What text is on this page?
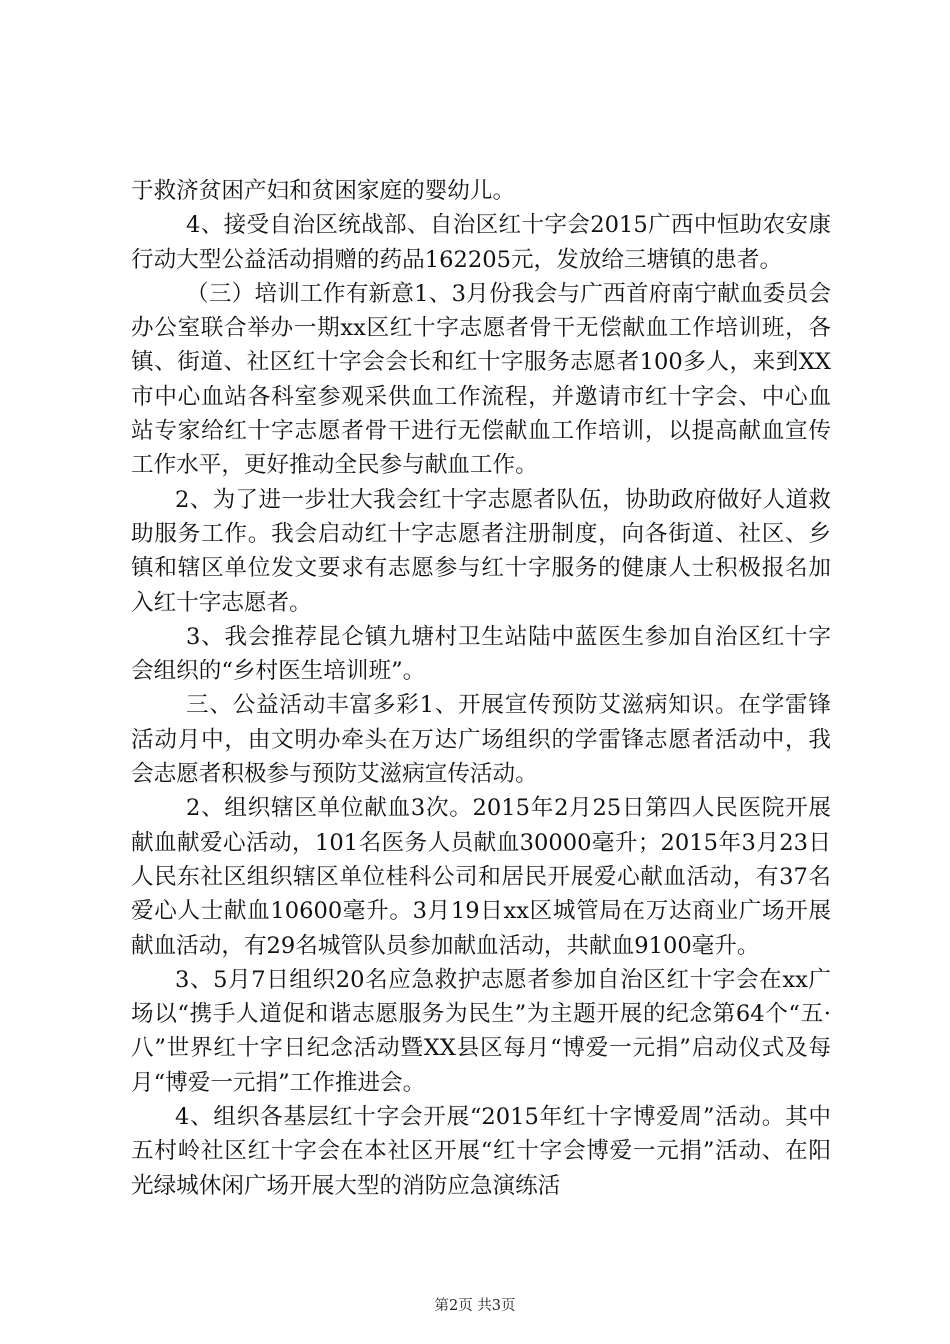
于救济贫困产妇和贫困家庭的婴幼儿。

4、接受自治区统战部、自治区红十字会2015广西中恒助农安康行动大型公益活动捐赠的药品162205元，发放给三塘镇的患者。

（三）培训工作有新意1、3月份我会与广西首府南宁献血委员会办公室联合举办一期xx区红十字志愿者骨干无偿献血工作培训班，各镇、街道、社区红十字会会长和红十字服务志愿者100多人，来到XX市中心血站各科室参观采供血工作流程，并邀请市红十字会、中心血站专家给红十字志愿者骨干进行无偿献血工作培训，以提高献血宣传工作水平，更好推动全民参与献血工作。

2、为了进一步壮大我会红十字志愿者队伍，协助政府做好人道救助服务工作。我会启动红十字志愿者注册制度，向各街道、社区、乡镇和辖区单位发文要求有志愿参与红十字服务的健康人士积极报名加入红十字志愿者。

3、我会推荐昆仑镇九塘村卫生站陆中蓝医生参加自治区红十字会组织的“乡村医生培训班”。

三、公益活动丰富多彩1、开展宣传预防艾滋病知识。在学雷锋活动月中，由文明办牵头在万达广场组织的学雷锋志愿者活动中，我会志愿者积极参与预防艾滋病宣传活动。

2、组织辖区单位献血3次。2015年2月25日第四人民医院开展献血献爱心活动，101名医务人员献血30000毫升；2015年3月23日人民东社区组织辖区单位桂科公司和居民开展爱心献血活动，有37名爱心人士献血10600毫升。3月19日xx区城管局在万达商业广场开展献血活动，有29名城管队员参加献血活动，共献血9100毫升。

3、5月7日组织20名应急救护志愿者参加自治区红十字会在xx广场以“携手人道促和谐志愿服务为民生”为主题开展的纪念第64个“五·八”世界红十字日纪念活动暨XX县区每月“博爱一元捐”启动仪式及每月“博爱一元捐”工作推进会。

4、组织各基层红十字会开展“2015年红十字博爱周”活动。其中五村岭社区红十字会在本社区开展“红十字会博爱一元捐”活动、在阳光绿城休闲广场开展大型的消防应急演练活

第2页 共3页
